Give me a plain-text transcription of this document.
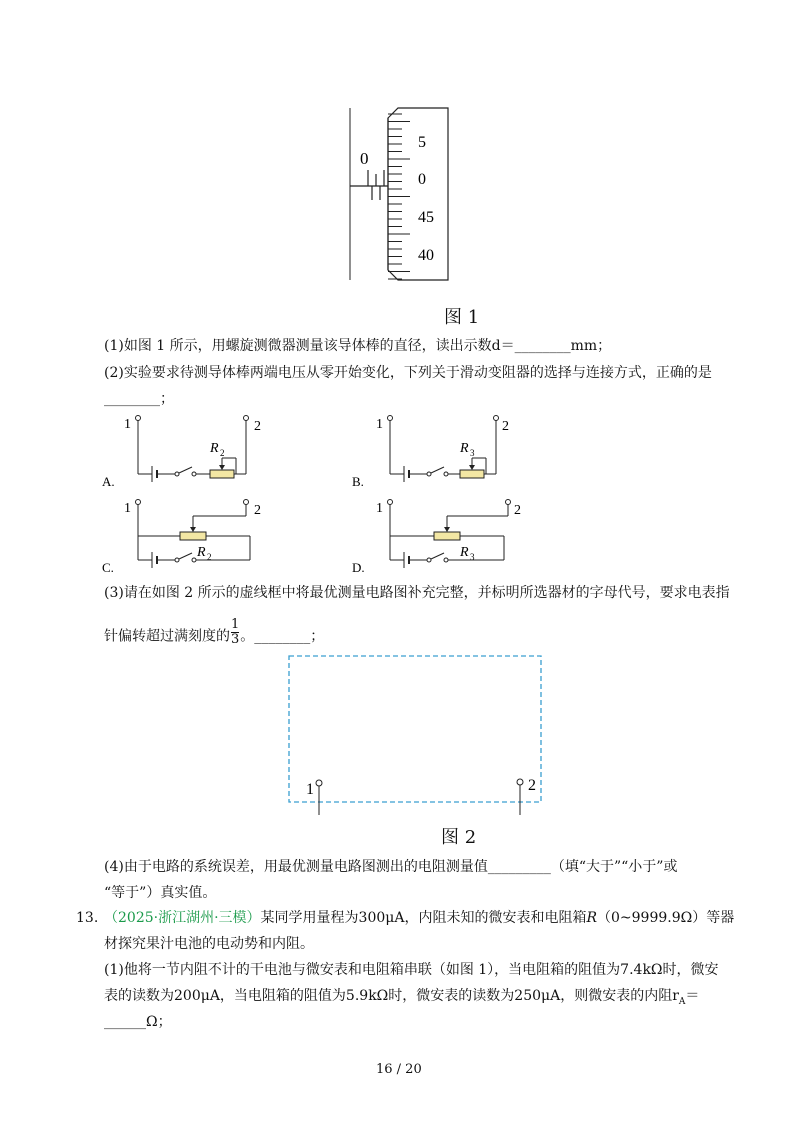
0
5
0
45
40
图 1
(1)如图 1 所示，用螺旋测微器测量该导体棒的直径，读出示数d＝________mm；
(2)实验要求待测导体棒两端电压从零开始变化，下列关于滑动变阻器的选择与连接方式，正确的是
________；
1	2
R 2
A.
1	2
R 3
B.
1	2
R 2
C.
1	2
R 3
D.
(3)请在如图 2 所示的虚线框中将最优测量电路图补充完整，并标明所选器材的字母代号，要求电表指
针偏转超过满刻度的 $\frac{1}{3}$ 。________；
1	2
图 2
(4)由于电路的系统误差，用最优测量电路图测出的电阻测量值_________（填“大于”“小于”或
“等于”）真实值。
13. （2025·浙江湖州·三模）某同学用量程为300μA，内阻未知的微安表和电阻箱R（0~9999.9Ω）等器
材探究果汁电池的电动势和内阻。
(1)他将一节内阻不计的干电池与微安表和电阻箱串联（如图 1），当电阻箱的阻值为7.4kΩ时，微安
表的读数为200μA，当电阻箱的阻值为5.9kΩ时，微安表的读数为250μA，则微安表的内阻$r_A=$
______Ω；
16 / 20
